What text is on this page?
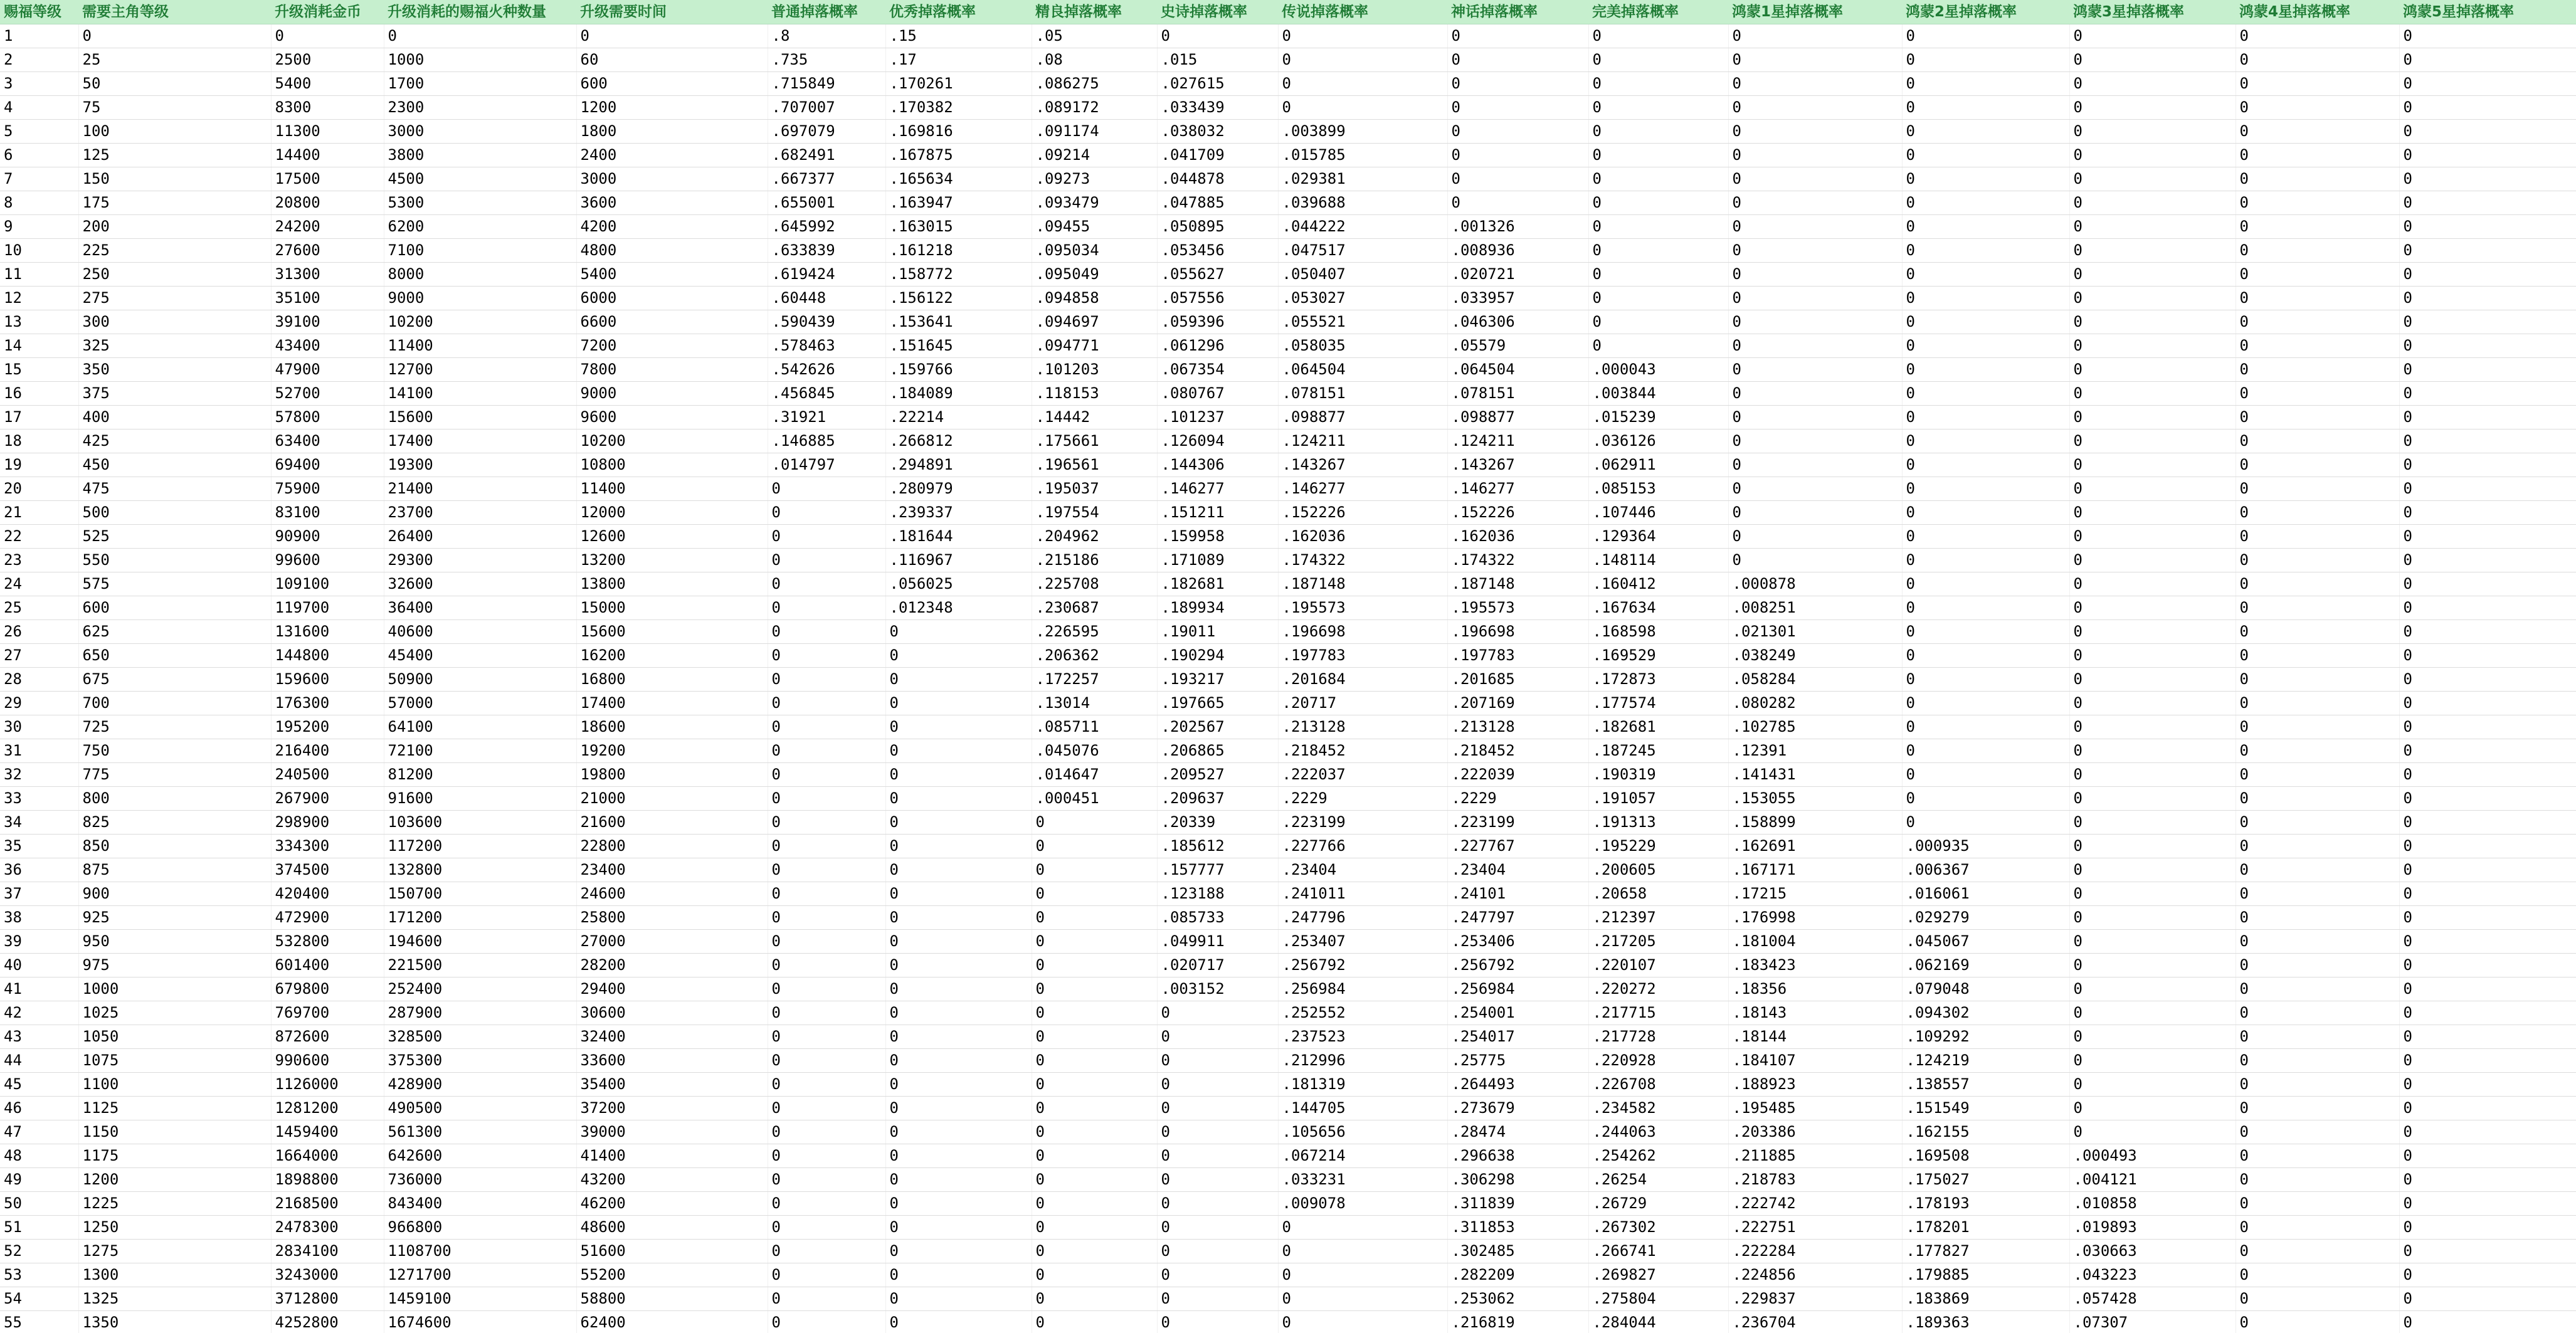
赐福等级	需要主角等级	升级消耗金币	升级消耗的赐福火种数量	升级需要时间	普通掉落概率	优秀掉落概率	精良掉落概率	史诗掉落概率	传说掉落概率	神话掉落概率	完美掉落概率	鸿蒙1星掉落概率	鸿蒙2星掉落概率	鸿蒙3星掉落概率	鸿蒙4星掉落概率	鸿蒙5星掉落概率
1	0	0	0	0	.8	.15	.05	0	0	0	0	0	0	0	0	0
2	25	2500	1000	60	.735	.17	.08	.015	0	0	0	0	0	0	0	0
3	50	5400	1700	600	.715849	.170261	.086275	.027615	0	0	0	0	0	0	0	0
4	75	8300	2300	1200	.707007	.170382	.089172	.033439	0	0	0	0	0	0	0	0
5	100	11300	3000	1800	.697079	.169816	.091174	.038032	.003899	0	0	0	0	0	0	0
6	125	14400	3800	2400	.682491	.167875	.09214	.041709	.015785	0	0	0	0	0	0	0
7	150	17500	4500	3000	.667377	.165634	.09273	.044878	.029381	0	0	0	0	0	0	0
8	175	20800	5300	3600	.655001	.163947	.093479	.047885	.039688	0	0	0	0	0	0	0
9	200	24200	6200	4200	.645992	.163015	.09455	.050895	.044222	.001326	0	0	0	0	0	0
10	225	27600	7100	4800	.633839	.161218	.095034	.053456	.047517	.008936	0	0	0	0	0	0
11	250	31300	8000	5400	.619424	.158772	.095049	.055627	.050407	.020721	0	0	0	0	0	0
12	275	35100	9000	6000	.60448	.156122	.094858	.057556	.053027	.033957	0	0	0	0	0	0
13	300	39100	10200	6600	.590439	.153641	.094697	.059396	.055521	.046306	0	0	0	0	0	0
14	325	43400	11400	7200	.578463	.151645	.094771	.061296	.058035	.05579	0	0	0	0	0	0
15	350	47900	12700	7800	.542626	.159766	.101203	.067354	.064504	.064504	.000043	0	0	0	0	0
16	375	52700	14100	9000	.456845	.184089	.118153	.080767	.078151	.078151	.003844	0	0	0	0	0
17	400	57800	15600	9600	.31921	.22214	.14442	.101237	.098877	.098877	.015239	0	0	0	0	0
18	425	63400	17400	10200	.146885	.266812	.175661	.126094	.124211	.124211	.036126	0	0	0	0	0
19	450	69400	19300	10800	.014797	.294891	.196561	.144306	.143267	.143267	.062911	0	0	0	0	0
20	475	75900	21400	11400	0	.280979	.195037	.146277	.146277	.146277	.085153	0	0	0	0	0
21	500	83100	23700	12000	0	.239337	.197554	.151211	.152226	.152226	.107446	0	0	0	0	0
22	525	90900	26400	12600	0	.181644	.204962	.159958	.162036	.162036	.129364	0	0	0	0	0
23	550	99600	29300	13200	0	.116967	.215186	.171089	.174322	.174322	.148114	0	0	0	0	0
24	575	109100	32600	13800	0	.056025	.225708	.182681	.187148	.187148	.160412	.000878	0	0	0	0
25	600	119700	36400	15000	0	.012348	.230687	.189934	.195573	.195573	.167634	.008251	0	0	0	0
26	625	131600	40600	15600	0	0	.226595	.19011	.196698	.196698	.168598	.021301	0	0	0	0
27	650	144800	45400	16200	0	0	.206362	.190294	.197783	.197783	.169529	.038249	0	0	0	0
28	675	159600	50900	16800	0	0	.172257	.193217	.201684	.201685	.172873	.058284	0	0	0	0
29	700	176300	57000	17400	0	0	.13014	.197665	.20717	.207169	.177574	.080282	0	0	0	0
30	725	195200	64100	18600	0	0	.085711	.202567	.213128	.213128	.182681	.102785	0	0	0	0
31	750	216400	72100	19200	0	0	.045076	.206865	.218452	.218452	.187245	.12391	0	0	0	0
32	775	240500	81200	19800	0	0	.014647	.209527	.222037	.222039	.190319	.141431	0	0	0	0
33	800	267900	91600	21000	0	0	.000451	.209637	.2229	.2229	.191057	.153055	0	0	0	0
34	825	298900	103600	21600	0	0	0	.20339	.223199	.223199	.191313	.158899	0	0	0	0
35	850	334300	117200	22800	0	0	0	.185612	.227766	.227767	.195229	.162691	.000935	0	0	0
36	875	374500	132800	23400	0	0	0	.157777	.23404	.23404	.200605	.167171	.006367	0	0	0
37	900	420400	150700	24600	0	0	0	.123188	.241011	.24101	.20658	.17215	.016061	0	0	0
38	925	472900	171200	25800	0	0	0	.085733	.247796	.247797	.212397	.176998	.029279	0	0	0
39	950	532800	194600	27000	0	0	0	.049911	.253407	.253406	.217205	.181004	.045067	0	0	0
40	975	601400	221500	28200	0	0	0	.020717	.256792	.256792	.220107	.183423	.062169	0	0	0
41	1000	679800	252400	29400	0	0	0	.003152	.256984	.256984	.220272	.18356	.079048	0	0	0
42	1025	769700	287900	30600	0	0	0	0	.252552	.254001	.217715	.18143	.094302	0	0	0
43	1050	872600	328500	32400	0	0	0	0	.237523	.254017	.217728	.18144	.109292	0	0	0
44	1075	990600	375300	33600	0	0	0	0	.212996	.25775	.220928	.184107	.124219	0	0	0
45	1100	1126000	428900	35400	0	0	0	0	.181319	.264493	.226708	.188923	.138557	0	0	0
46	1125	1281200	490500	37200	0	0	0	0	.144705	.273679	.234582	.195485	.151549	0	0	0
47	1150	1459400	561300	39000	0	0	0	0	.105656	.28474	.244063	.203386	.162155	0	0	0
48	1175	1664000	642600	41400	0	0	0	0	.067214	.296638	.254262	.211885	.169508	.000493	0	0
49	1200	1898800	736000	43200	0	0	0	0	.033231	.306298	.26254	.218783	.175027	.004121	0	0
50	1225	2168500	843400	46200	0	0	0	0	.009078	.311839	.26729	.222742	.178193	.010858	0	0
51	1250	2478300	966800	48600	0	0	0	0	0	.311853	.267302	.222751	.178201	.019893	0	0
52	1275	2834100	1108700	51600	0	0	0	0	0	.302485	.266741	.222284	.177827	.030663	0	0
53	1300	3243000	1271700	55200	0	0	0	0	0	.282209	.269827	.224856	.179885	.043223	0	0
54	1325	3712800	1459100	58800	0	0	0	0	0	.253062	.275804	.229837	.183869	.057428	0	0
55	1350	4252800	1674600	62400	0	0	0	0	0	.216819	.284044	.236704	.189363	.07307	0	0
